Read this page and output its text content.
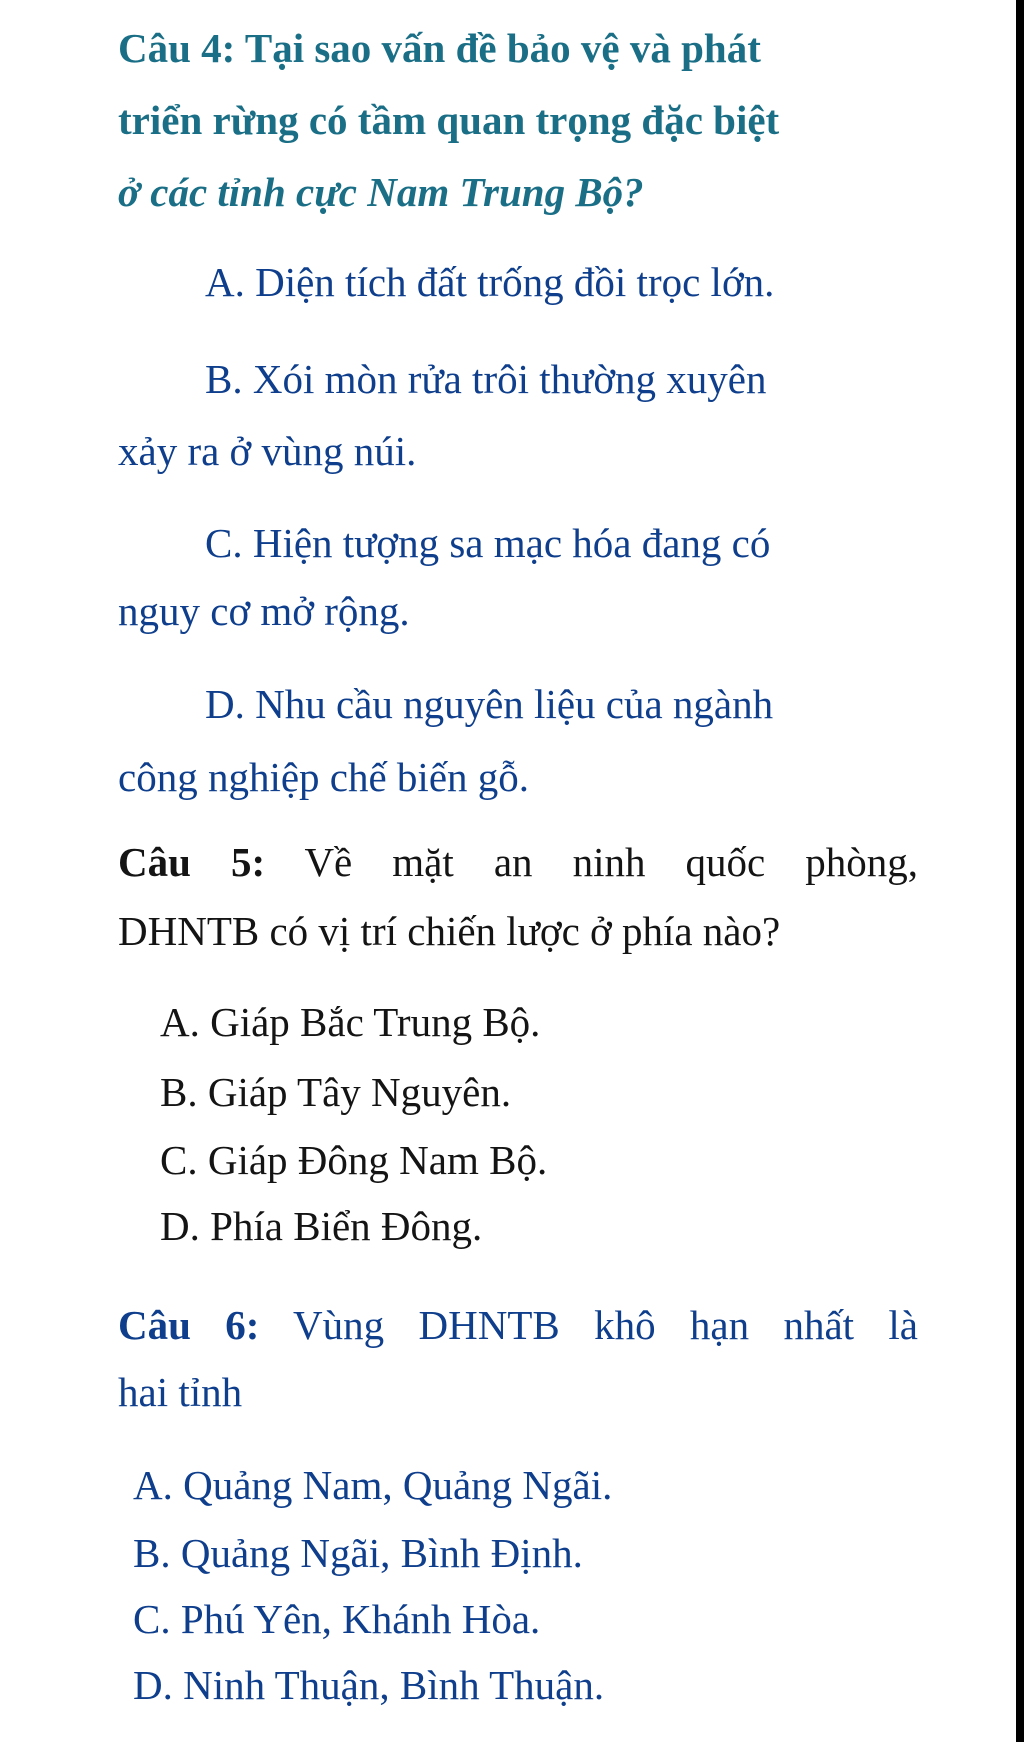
Câu 4: Tại sao vấn đề bảo vệ và phát
triển rừng có tầm quan trọng đặc biệt
ở các tỉnh cực Nam Trung Bộ?
A. Diện tích đất trống đồi trọc lớn.
B. Xói mòn rửa trôi thường xuyên
xảy ra ở vùng núi.
C. Hiện tượng sa mạc hóa đang có
nguy cơ mở rộng.
D. Nhu cầu nguyên liệu của ngành
công nghiệp chế biến gỗ.
Câu 5: Về mặt an ninh quốc phòng,
DHNTB có vị trí chiến lược ở phía nào?
A. Giáp Bắc Trung Bộ.
B. Giáp Tây Nguyên.
C. Giáp Đông Nam Bộ.
D. Phía Biển Đông.
Câu 6: Vùng DHNTB khô hạn nhất là
hai tỉnh
A. Quảng Nam, Quảng Ngãi.
B. Quảng Ngãi, Bình Định.
C. Phú Yên, Khánh Hòa.
D. Ninh Thuận, Bình Thuận.
